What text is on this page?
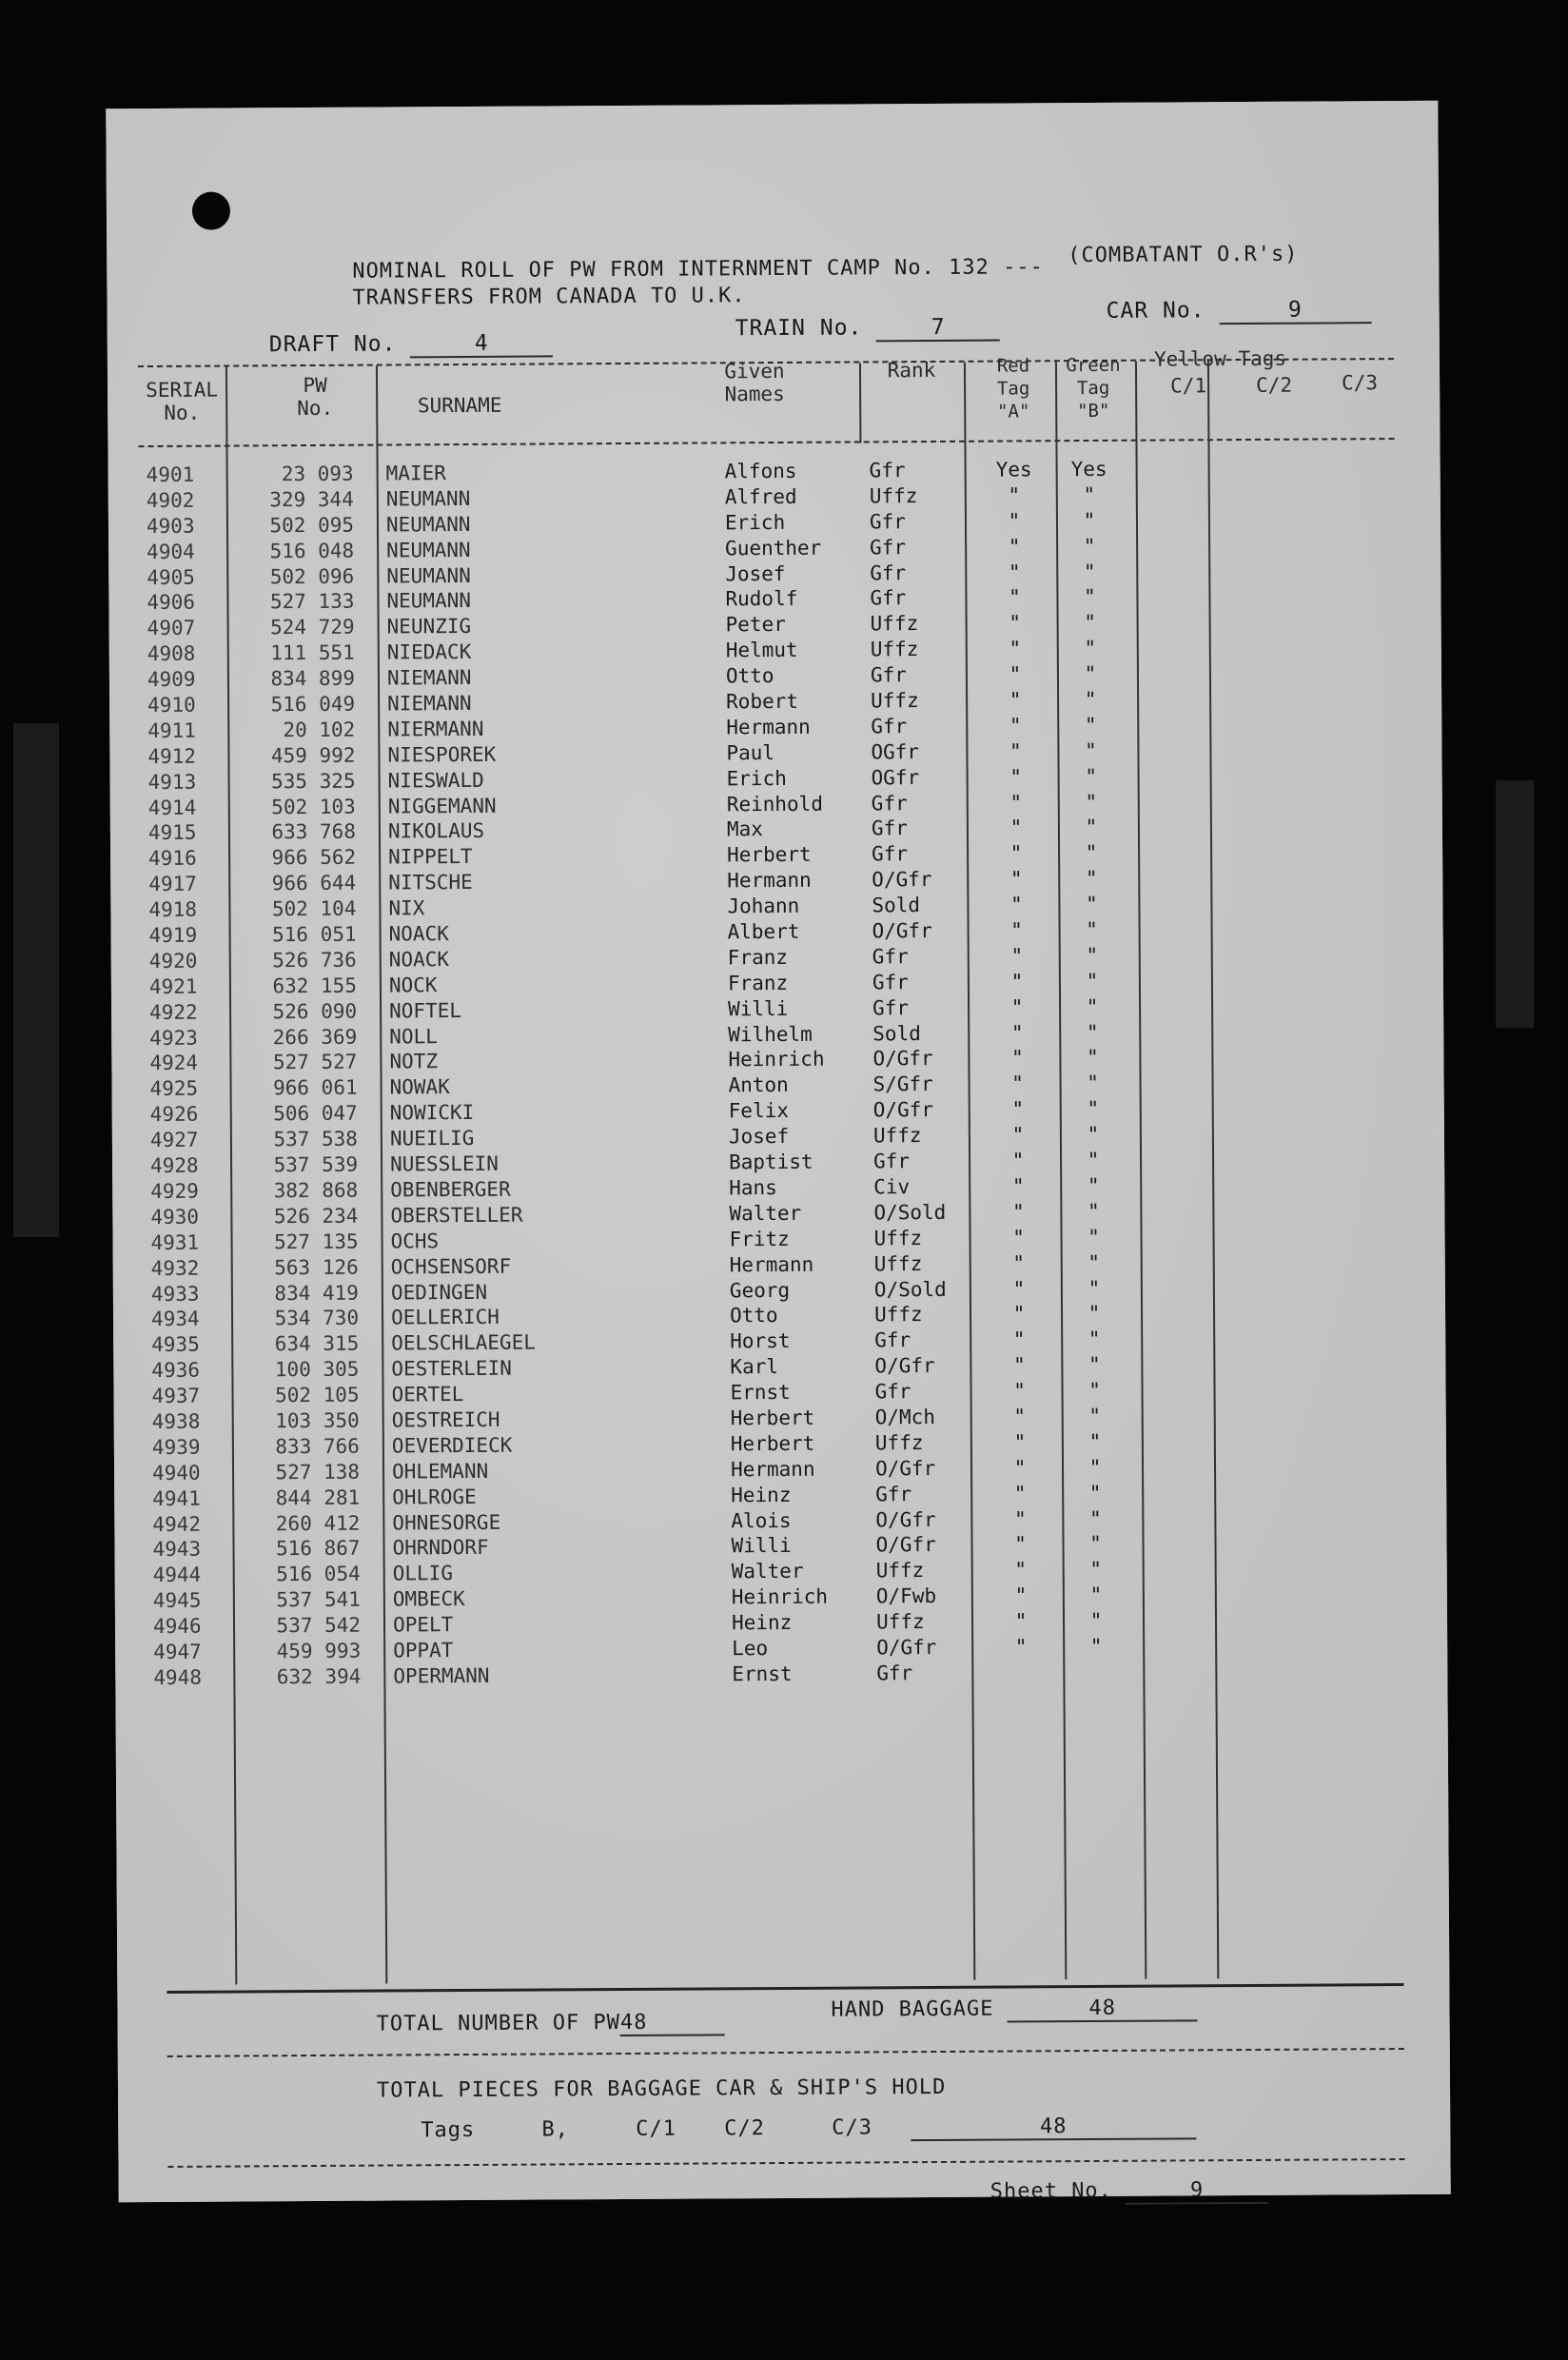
NOMINAL ROLL OF PW FROM INTERNMENT CAMP No. 132 ---
(COMBATANT O.R's)
TRANSFERS FROM CANADA TO U.K.
DRAFT No.	4
TRAIN No.	7
CAR No.	9
SERIAL
No.
PW
No.	SURNAME
Given
Names
Rank	Red
Tag
"A"
Green
Tag
"B"
Yellow Tags
C/1	C/2	C/3
4901	23 093 MAIER	Alfons	Gfr	Yes	Yes
4902	329 344 NEUMANN	Alfred	Uffz	"	"
4903	502 095 NEUMANN	Erich	Gfr	"	"
4904	516 048 NEUMANN	Guenther Gfr	"	"
4905	502 096 NEUMANN	Josef	Gfr	"	"
4906	527 133 NEUMANN	Rudolf	Gfr	"	"
4907	524 729 NEUNZIG	Peter	Uffz	"	"
4908	111 551 NIEDACK	Helmut	Uffz	"	"
4909	834 899 NIEMANN	Otto	Gfr	"	"
4910	516 049 NIEMANN	Robert	Uffz	"	"
4911	20 102 NIERMANN	Hermann	Gfr	"	"
4912	459 992 NIESPOREK	Paul	OGfr	"	"
4913	535 325 NIESWALD	Erich	OGfr	"	"
4914	502 103 NIGGEMANN	Reinhold Gfr	"	"
4915	633 768 NIKOLAUS	Max	Gfr	"	"
4916	966 562 NIPPELT	Herbert	Gfr	"	"
4917	966 644 NITSCHE	Hermann	O/Gfr	"	"
4918	502 104 NIX	Johann	Sold	"	"
4919	516 051 NOACK	Albert	O/Gfr	"	"
4920	526 736 NOACK	Franz	Gfr	"	"
4921	632 155 NOCK	Franz	Gfr	"	"
4922	526 090 NOFTEL	Willi	Gfr	"	"
4923	266 369 NOLL	Wilhelm	Sold	"	"
4924	527 527 NOTZ	Heinrich O/Gfr	"	"
4925	966 061 NOWAK	Anton	S/Gfr	"	"
4926	506 047 NOWICKI	Felix	O/Gfr	"	"
4927	537 538 NUEILIG	Josef	Uffz	"	"
4928	537 539 NUESSLEIN	Baptist	Gfr	"	"
4929	382 868 OBENBERGER	Hans	Civ	"	"
4930	526 234 OBERSTELLER	Walter	O/Sold	"	"
4931	527 135 OCHS	Fritz	Uffz	"	"
4932	563 126 OCHSENSORF	Hermann	Uffz	"	"
4933	834 419 OEDINGEN	Georg	O/Sold	"	"
4934	534 730 OELLERICH	Otto	Uffz	"	"
4935	634 315 OELSCHLAEGEL	Horst	Gfr	"	"
4936	100 305 OESTERLEIN	Karl	O/Gfr	"	"
4937	502 105 OERTEL	Ernst	Gfr	"	"
4938	103 350 OESTREICH	Herbert	O/Mch	"	"
4939	833 766 OEVERDIECK	Herbert	Uffz	"	"
4940	527 138 OHLEMANN	Hermann	O/Gfr	"	"
4941	844 281 OHLROGE	Heinz	Gfr	"	"
4942	260 412 OHNESORGE	Alois	O/Gfr	"	"
4943	516 867 OHRNDORF	Willi	O/Gfr	"	"
4944	516 054 OLLIG	Walter	Uffz	"	"
4945	537 541 OMBECK	Heinrich O/Fwb	"	"
4946	537 542 OPELT	Heinz	Uffz	"	"
4947	459 993 OPPAT	Leo	O/Gfr	"	"
4948	632 394 OPERMANN	Ernst	Gfr
TOTAL NUMBER OF PW48
HAND BAGGAGE	48
TOTAL PIECES FOR BAGGAGE CAR & SHIP'S HOLD
Tags	B,	C/1 C/2	C/3	48
Sheet No.	9
